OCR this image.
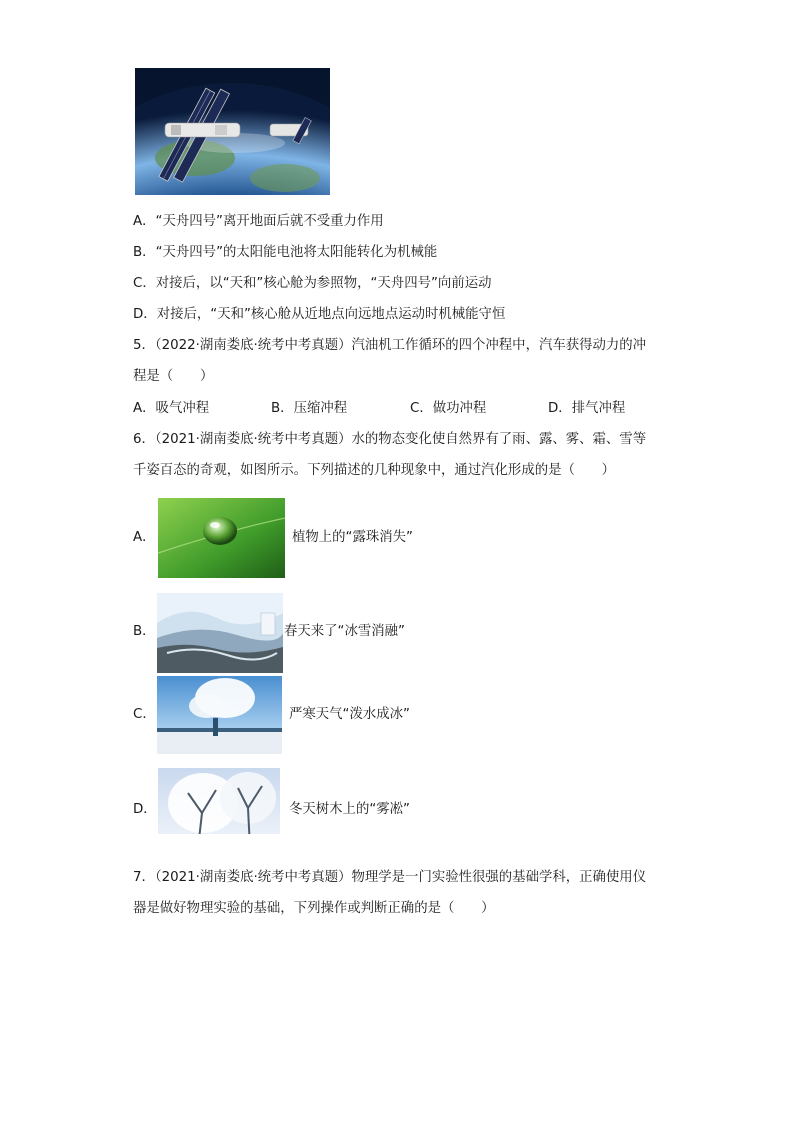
A．“天舟四号”离开地面后就不受重力作用
B．“天舟四号”的太阳能电池将太阳能转化为机械能
C．对接后，以“天和”核心舱为参照物，“天舟四号”向前运动
D．对接后，“天和”核心舱从近地点向远地点运动时机械能守恒
5．（2022·湖南娄底·统考中考真题）汽油机工作循环的四个冲程中，汽车获得动力的冲
程是（　　）
A．吸气冲程	B．压缩冲程	C．做功冲程	D．排气冲程
6．（2021·湖南娄底·统考中考真题）水的物态变化使自然界有了雨、露、雾、霜、雪等
千姿百态的奇观，如图所示。下列描述的几种现象中，通过汽化形成的是（　　）
A．	植物上的“露珠消失”
B．	春天来了“冰雪消融”
C．	严寒天气“泼水成冰”
D．	冬天树木上的“雾凇”
7．（2021·湖南娄底·统考中考真题）物理学是一门实验性很强的基础学科，正确使用仪
器是做好物理实验的基础，下列操作或判断正确的是（　　）
